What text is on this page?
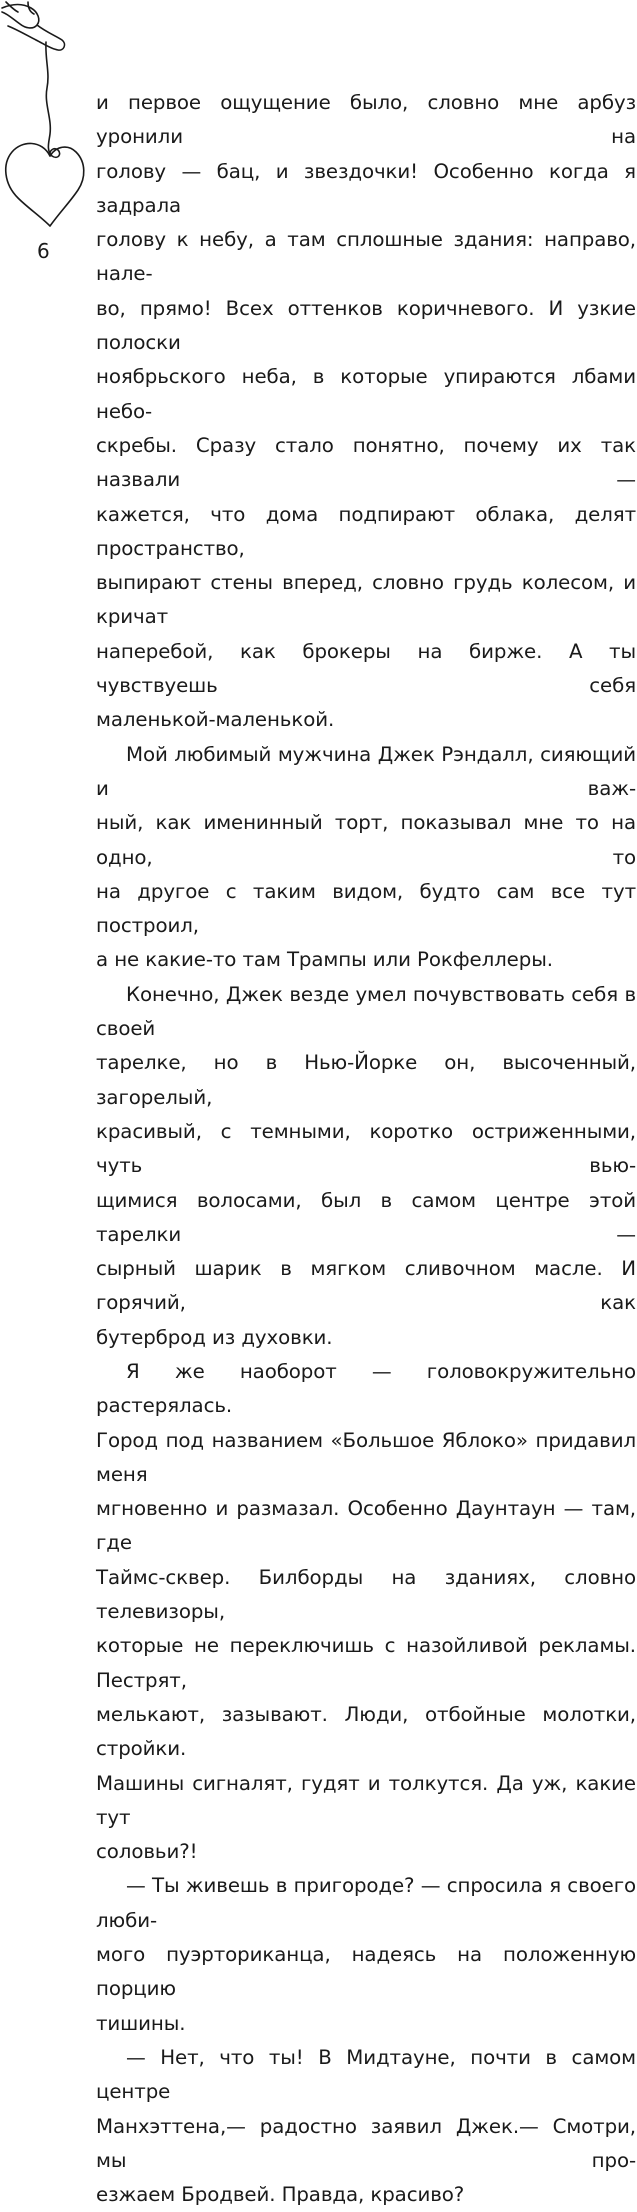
6
и первое ощущение было, словно мне арбуз уронили на
голову — бац, и звездочки! Особенно когда я задрала
голову к небу, а там сплошные здания: направо, нале-
во, прямо! Всех оттенков коричневого. И узкие полоски
ноябрьского неба, в которые упираются лбами небо-
скребы. Сразу стало понятно, почему их так назвали —
кажется, что дома подпирают облака, делят пространство,
выпирают стены вперед, словно грудь колесом, и кричат
наперебой, как брокеры на бирже. А ты чувствуешь себя
маленькой-маленькой.
Мой любимый мужчина Джек Рэндалл, сияющий и важ-
ный, как именинный торт, показывал мне то на одно, то
на другое с таким видом, будто сам все тут построил,
а не какие-то там Трампы или Рокфеллеры.
Конечно, Джек везде умел почувствовать себя в своей
тарелке, но в Нью-Йорке он, высоченный, загорелый,
красивый, с темными, коротко остриженными, чуть вью-
щимися волосами, был в самом центре этой тарелки —
сырный шарик в мягком сливочном масле. И горячий, как
бутерброд из духовки.
Я же наоборот — головокружительно растерялась.
Город под названием «Большое Яблоко» придавил меня
мгновенно и размазал. Особенно Даунтаун — там, где
Таймс-сквер. Билборды на зданиях, словно телевизоры,
которые не переключишь с назойливой рекламы. Пестрят,
мелькают, зазывают. Люди, отбойные молотки, стройки.
Машины сигналят, гудят и толкутся. Да уж, какие тут
соловьи?!
— Ты живешь в пригороде? — спросила я своего люби-
мого пуэрториканца, надеясь на положенную порцию
тишины.
— Нет, что ты! В Мидтауне, почти в самом центре
Манхэттена,— радостно заявил Джек.— Смотри, мы про-
езжаем Бродвей. Правда, красиво?
